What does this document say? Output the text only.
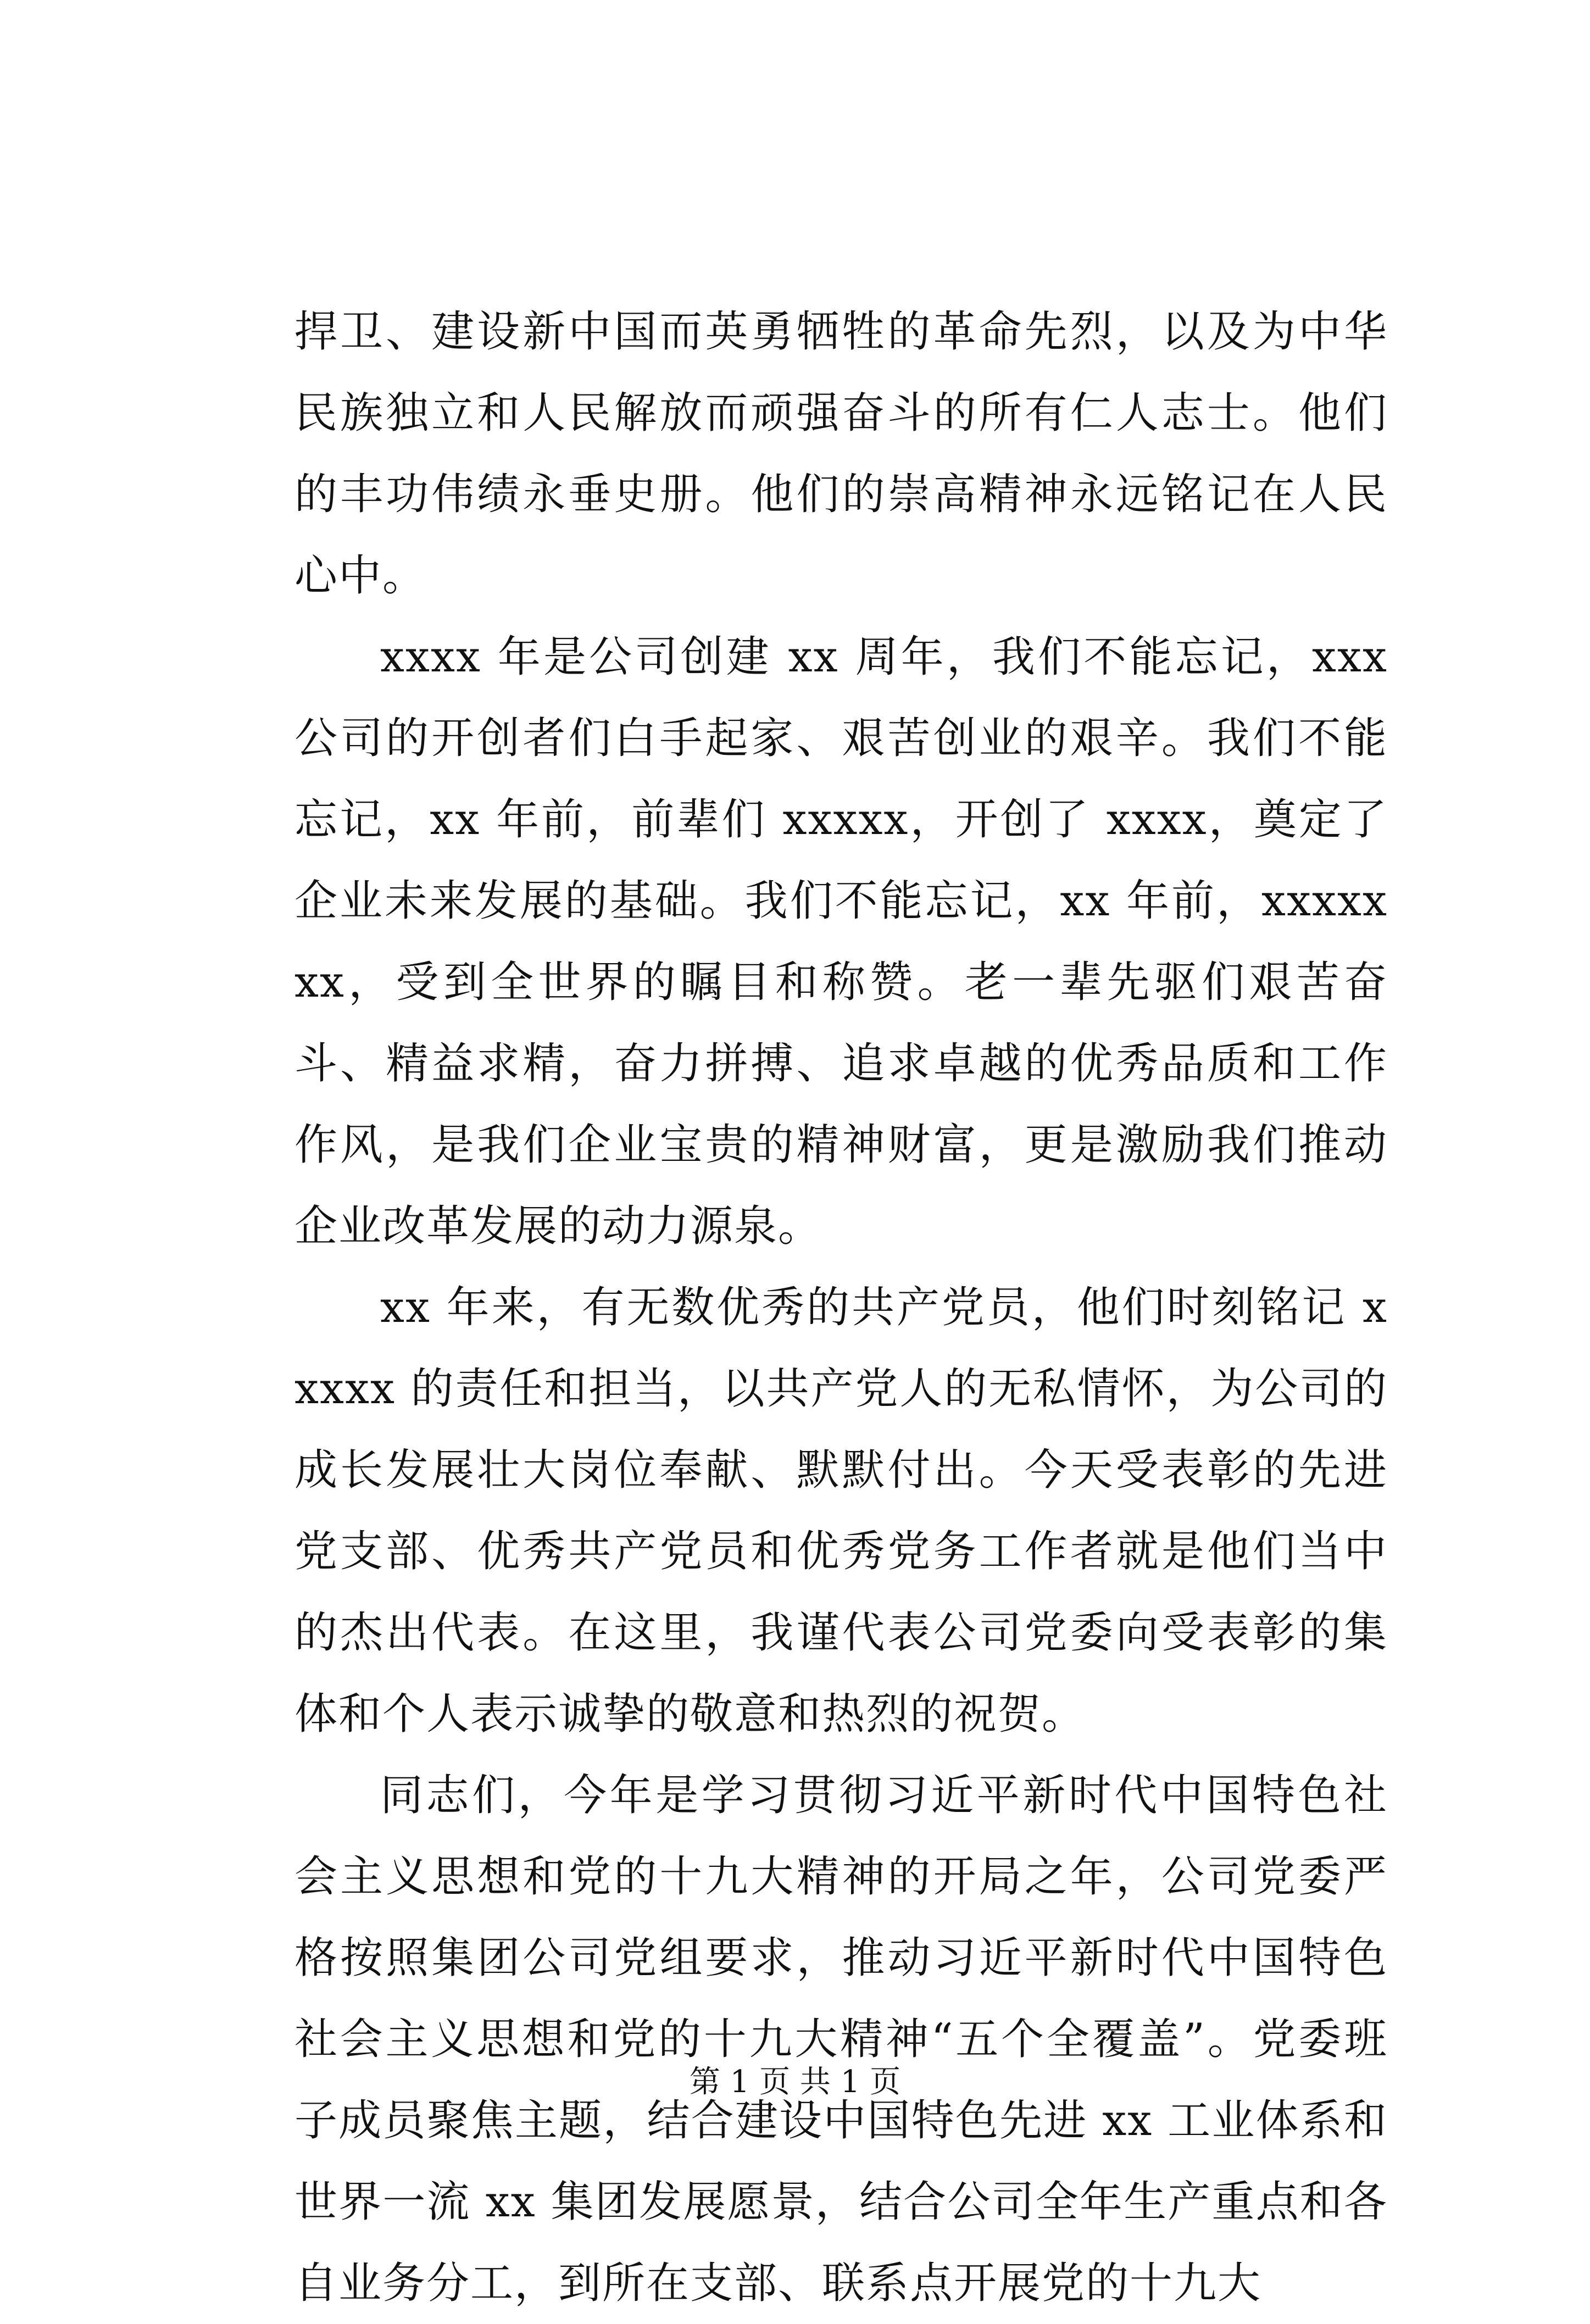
捍卫、建设新中国而英勇牺牲的革命先烈，以及为中华民族独立和人民解放而顽强奋斗的所有仁人志士。他们的丰功伟绩永垂史册。他们的崇高精神永远铭记在人民心中。

xxxx 年是公司创建 xx 周年，我们不能忘记，xxx 公司的开创者们白手起家、艰苦创业的艰辛。我们不能忘记，xx 年前，前辈们 xxxxx，开创了 xxxx，奠定了企业未来发展的基础。我们不能忘记，xx 年前，xxxxxxx，受到全世界的瞩目和称赞。老一辈先驱们艰苦奋斗、精益求精，奋力拼搏、追求卓越的优秀品质和工作作风，是我们企业宝贵的精神财富，更是激励我们推动企业改革发展的动力源泉。

xx 年来，有无数优秀的共产党员，他们时刻铭记 xxxxx 的责任和担当，以共产党人的无私情怀，为公司的成长发展壮大岗位奉献、默默付出。今天受表彰的先进党支部、优秀共产党员和优秀党务工作者就是他们当中的杰出代表。在这里，我谨代表公司党委向受表彰的集体和个人表示诚挚的敬意和热烈的祝贺。

同志们，今年是学习贯彻习近平新时代中国特色社会主义思想和党的十九大精神的开局之年，公司党委严格按照集团公司党组要求，推动习近平新时代中国特色社会主义思想和党的十九大精神“五个全覆盖”。党委班子成员聚焦主题，结合建设中国特色先进 xx 工业体系和世界一流 xx 集团发展愿景，结合公司全年生产重点和各自业务分工，到所在支部、联系点开展党的十九大

第 1 页 共 1 页
